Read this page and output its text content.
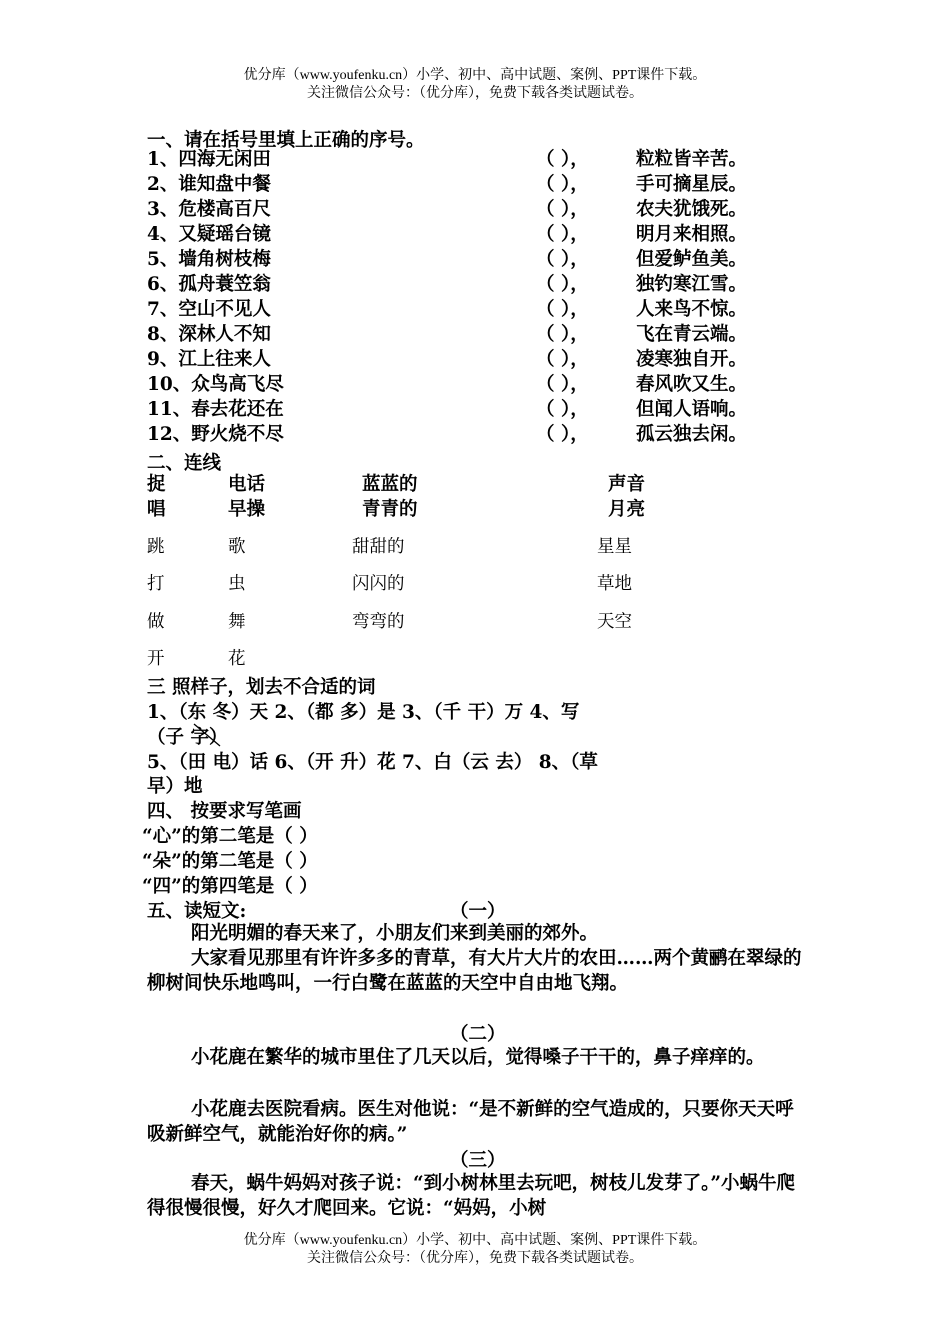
优分库（www.youfenku.cn）小学、初中、高中试题、案例、PPT课件下载。
关注微信公众号：（优分库），免费下载各类试题试卷。
一、请在括号里填上正确的序号。
1、四海无闲田	（ ），	粒粒皆辛苦。
2、谁知盘中餐	（ ），	手可摘星辰。
3、危楼高百尺	（ ），	农夫犹饿死。
4、又疑瑶台镜	（ ），	明月来相照。
5、墙角树枝梅	（ ），	但爱鲈鱼美。
6、孤舟蓑笠翁	（ ），	独钓寒江雪。
7、空山不见人	（ ），	人来鸟不惊。
8、深林人不知	（ ），	飞在青云端。
9、江上往来人	（ ），	凌寒独自开。
10、众鸟高飞尽	（ ），	春风吹又生。
11、春去花还在	（ ），	但闻人语响。
12、野火烧不尽	（ ），	孤云独去闲。
二、连线
捉	电话	蓝蓝的	声音
唱	早操	青青的	月亮
跳	歌	甜甜的	星星
打	虫	闪闪的	草地
做	舞	弯弯的	天空
开	花
三 照样子，划去不合适的词
1、（东 冬）天 2、（都 多）是 3、（千 干）万 4、写
（子 字）
5、（田 电）话 6、（开 升）花 7、白（云 去） 8、（草
早）地
四、 按要求写笔画
“心”的第二笔是（ ）
“朵”的第二笔是（ ）
“四”的第四笔是（ ）
五、读短文:	（一）
阳光明媚的春天来了，小朋友们来到美丽的郊外。
大家看见那里有许许多多的青草，有大片大片的农田……两个黄鹂在翠绿的柳树间快乐地鸣叫，一行白鹭在蓝蓝的天空中自由地飞翔。
（二）
小花鹿在繁华的城市里住了几天以后，觉得嗓子干干的，鼻子痒痒的。
小花鹿去医院看病。医生对他说：“是不新鲜的空气造成的，只要你天天呼吸新鲜空气，就能治好你的病。”
（三）
春天，蜗牛妈妈对孩子说：“到小树林里去玩吧，树枝儿发芽了。”小蜗牛爬得很慢很慢，好久才爬回来。它说：“妈妈，小树
优分库（www.youfenku.cn）小学、初中、高中试题、案例、PPT课件下载。
关注微信公众号：（优分库），免费下载各类试题试卷。
